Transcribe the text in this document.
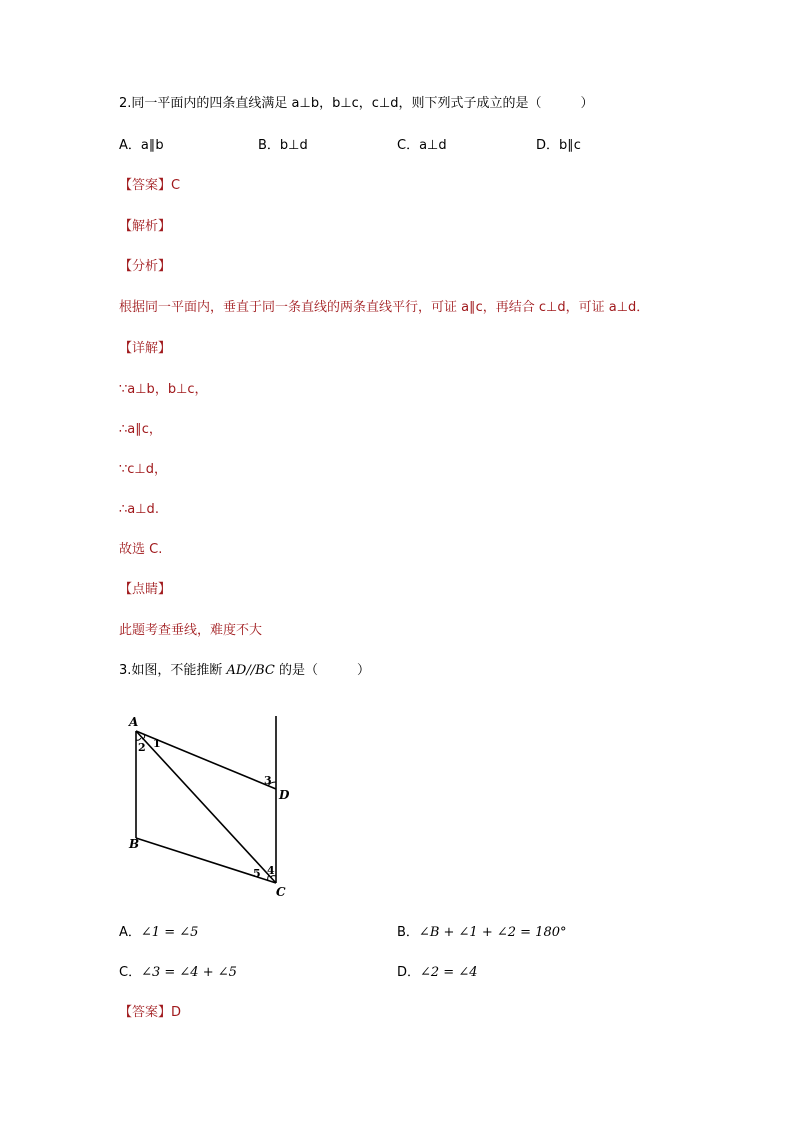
2.同一平面内的四条直线满足 a⊥b，b⊥c，c⊥d，则下列式子成立的是（　　　）
A．a∥b	B．b⊥d	C．a⊥d	D．b∥c
【答案】C
【解析】
【分析】
根据同一平面内，垂直于同一条直线的两条直线平行，可证 a∥c，再结合 c⊥d，可证 a⊥d．
【详解】
∵a⊥b，b⊥c，
∴a∥c，
∵c⊥d，
∴a⊥d.
故选 C.
【点睛】
此题考查垂线，难度不大
3.如图，不能推断 AD//BC 的是（　　　）
A
B
C
D
1
2
3
4
5
A．∠1 = ∠5	B．∠B + ∠1 + ∠2 = 180°
C．∠3 = ∠4 + ∠5	D．∠2 = ∠4
【答案】D
